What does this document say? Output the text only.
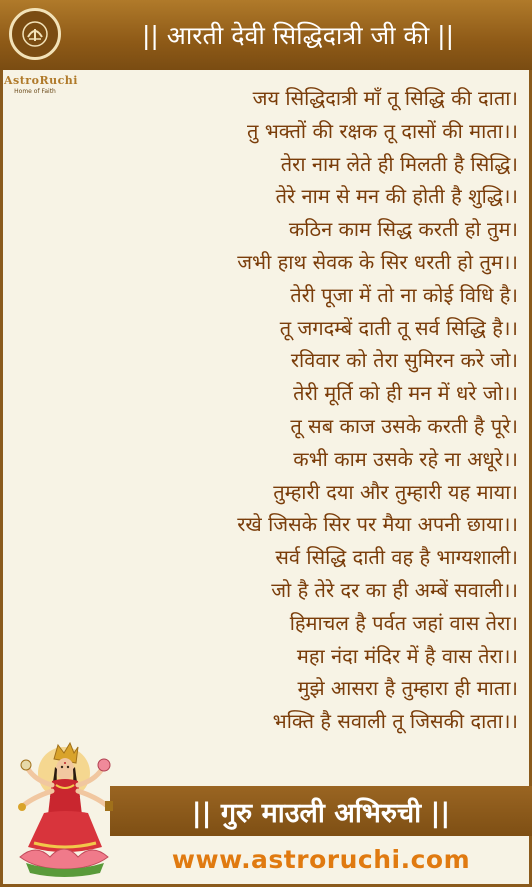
|| आरती देवी सिद्धिदात्री जी की ||
AstroRuchi
Home of Faith	जय सिद्धिदात्री माँ तू सिद्धि की दाता।
तु भक्तों की रक्षक तू दासों की माता।।
तेरा नाम लेते ही मिलती है सिद्धि।
तेरे नाम से मन की होती है शुद्धि।।
कठिन काम सिद्ध करती हो तुम।
जभी हाथ सेवक के सिर धरती हो तुम।।
तेरी पूजा में तो ना कोई विधि है।
तू जगदम्बें दाती तू सर्व सिद्धि है।।
रविवार को तेरा सुमिरन करे जो।
तेरी मूर्ति को ही मन में धरे जो।।
तू सब काज उसके करती है पूरे।
कभी काम उसके रहे ना अधूरे।।
तुम्हारी दया और तुम्हारी यह माया।
रखे जिसके सिर पर मैया अपनी छाया।।
सर्व सिद्धि दाती वह है भाग्यशाली।
जो है तेरे दर का ही अम्बें सवाली।।
हिमाचल है पर्वत जहां वास तेरा।
महा नंदा मंदिर में है वास तेरा।।
मुझे आसरा है तुम्हारा ही माता।
भक्ति है सवाली तू जिसकी दाता।।
|| गुरु माउली अभिरुची ||
www.astroruchi.com
